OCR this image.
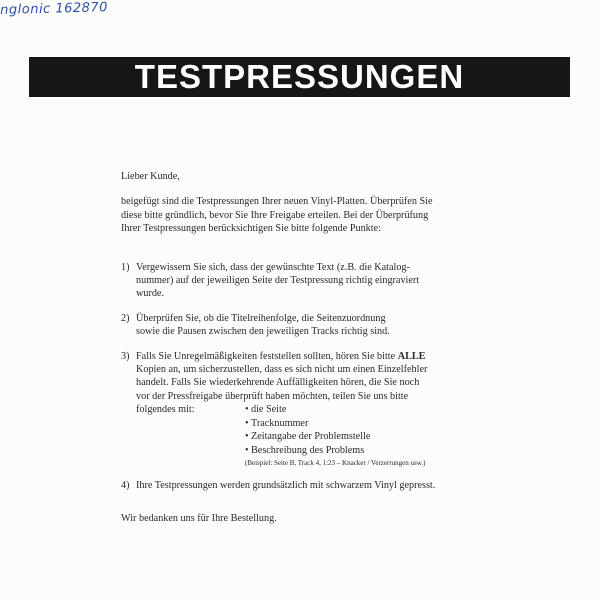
nglonic 162870
TESTPRESSUNGEN

Lieber Kunde,

beigefügt sind die Testpressungen Ihrer neuen Vinyl-Platten. Überprüfen Sie
diese bitte gründlich, bevor Sie Ihre Freigabe erteilen. Bei der Überprüfung
Ihrer Testpressungen berücksichtigen Sie bitte folgende Punkte:

1) Vergewissern Sie sich, dass der gewünschte Text (z.B. die Katalog-
nummer) auf der jeweiligen Seite der Testpressung richtig eingraviert
wurde.
2) Überprüfen Sie, ob die Titelreihenfolge, die Seitenzuordnung
sowie die Pausen zwischen den jeweiligen Tracks richtig sind.
3) Falls Sie Unregelmäßigkeiten feststellen sollten, hören Sie bitte ALLE
Kopien an, um sicherzustellen, dass es sich nicht um einen Einzelfehler
handelt. Falls Sie wiederkehrende Auffälligkeiten hören, die Sie noch
vor der Pressfreigabe überprüft haben möchten, teilen Sie uns bitte
folgendes mit:	• die Seite
• Tracknummer
• Zeitangabe der Problemstelle
• Beschreibung des Problems
(Beispiel: Seite B, Track 4, 1:23 – Knacker / Verzerrungen usw.)
4) Ihre Testpressungen werden grundsätzlich mit schwarzem Vinyl gepresst.

Wir bedanken uns für Ihre Bestellung.
